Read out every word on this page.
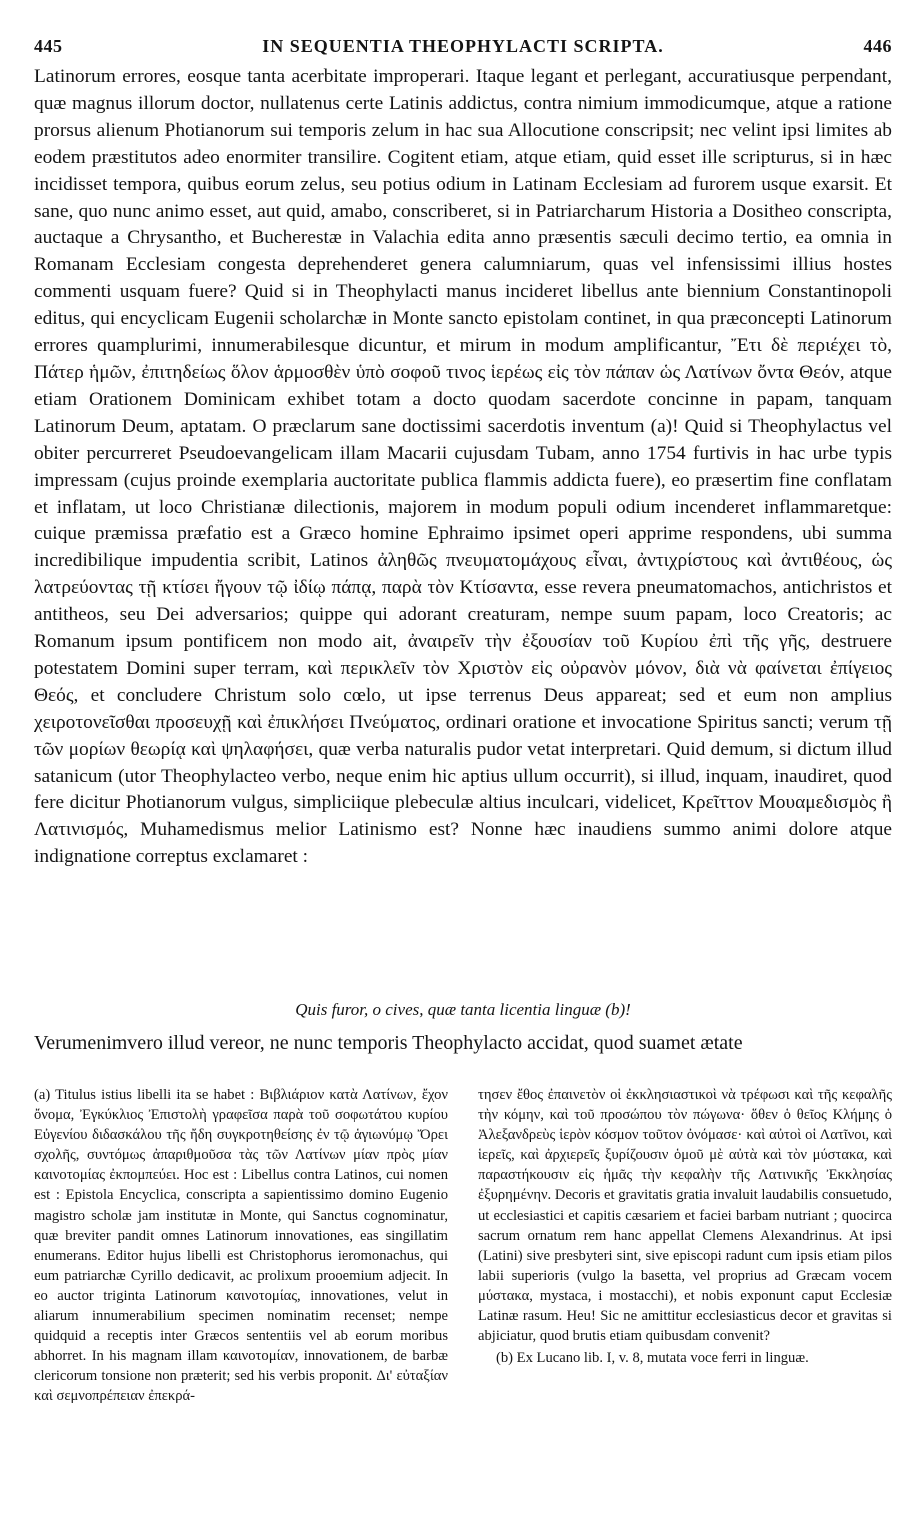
445	IN SEQUENTIA THEOPHYLACTI SCRIPTA.	446

Latinorum errores, eosque tanta acerbitate improperari. Itaque legant et perlegant, accuratiusque perpendant, quæ magnus illorum doctor, nullatenus certe Latinis addictus, contra nimium immodicumque, atque a ratione prorsus alienum Photianorum sui temporis zelum in hac sua Allocutione conscripsit; nec velint ipsi limites ab eodem præstitutos adeo enormiter transilire. Cogitent etiam, atque etiam, quid esset ille scripturus, si in hæc incidisset tempora, quibus eorum zelus, seu potius odium in Latinam Ecclesiam ad furorem usque exarsit. Et sane, quo nunc animo esset, aut quid, amabo, conscriberet, si in Patriarcharum Historia a Dositheo conscripta, auctaque a Chrysantho, et Bucherestæ in Valachia edita anno præsentis sæculi decimo tertio, ea omnia in Romanam Ecclesiam congesta deprehenderet genera calumniarum, quas vel infensissimi illius hostes commenti usquam fuere? Quid si in Theophylacti manus incideret libellus ante biennium Constantinopoli editus, qui encyclicam Eugenii scholarchæ in Monte sancto epistolam continet, in qua præconcepti Latinorum errores quamplurimi, innumerabilesque dicuntur, et mirum in modum amplificantur, Ἔτι δὲ περιέχει τὸ, Πάτερ ἡμῶν, ἐπιτηδείως ὅλον ἁρμοσθὲν ὑπὸ σοφοῦ τινος ἱερέως εἰς τὸν πάπαν ὡς Λατίνων ὄντα Θεόν, atque etiam Orationem Dominicam exhibet totam a docto quodam sacerdote concinne in papam, tanquam Latinorum Deum, aptatam. O præclarum sane doctissimi sacerdotis inventum (a)! Quid si Theophylactus vel obiter percurreret Pseudoevangelicam illam Macarii cujusdam Tubam, anno 1754 furtivis in hac urbe typis impressam (cujus proinde exemplaria auctoritate publica flammis addicta fuere), eo præsertim fine conflatam et inflatam, ut loco Christianæ dilectionis, majorem in modum populi odium incenderet inflammaretque: cuique præmissa præfatio est a Græco homine Ephraimo ipsimet operi apprime respondens, ubi summa incredibilique impudentia scribit, Latinos ἀληθῶς πνευματομάχους εἶναι, ἀντιχρίστους καὶ ἀντιθέους, ὡς λατρεύοντας τῇ κτίσει ἤγουν τῷ ἰδίῳ πάπᾳ, παρὰ τὸν Κτίσαντα, esse revera pneumatomachos, antichristos et antitheos, seu Dei adversarios; quippe qui adorant creaturam, nempe suum papam, loco Creatoris; ac Romanum ipsum pontificem non modo ait, ἀναιρεῖν τὴν ἐξουσίαν τοῦ Κυρίου ἐπὶ τῆς γῆς, destruere potestatem Domini super terram, καὶ περικλεῖν τὸν Χριστὸν εἰς οὐρανὸν μόνον, διὰ νὰ φαίνεται ἐπίγειος Θεός, et concludere Christum solo cœlo, ut ipse terrenus Deus appareat; sed et eum non amplius χειροτονεῖσθαι προσευχῇ καὶ ἐπικλήσει Πνεύματος, ordinari oratione et invocatione Spiritus sancti; verum τῇ τῶν μορίων θεωρίᾳ καὶ ψηλαφήσει, quæ verba naturalis pudor vetat interpretari. Quid demum, si dictum illud satanicum (utor Theophylacteo verbo, neque enim hic aptius ullum occurrit), si illud, inquam, inaudiret, quod fere dicitur Photianorum vulgus, simpliciique plebeculæ altius inculcari, videlicet, Κρεῖττον Μουαμεδισμὸς ἢ Λατινισμός, Muhamedismus melior Latinismo est? Nonne hæc inaudiens summo animi dolore atque indignatione correptus exclamaret :

Quis furor, o cives, quæ tanta licentia linguæ (b)!
Verumenimvero illud vereor, ne nunc temporis Theophylacto accidat, quod suamet ætate

(a) Titulus istius libelli ita se habet : Βιβλιάριον κατὰ Λατίνων, ἔχον ὄνομα, Ἐγκύκλιος Ἐπιστολὴ γραφεῖσα παρὰ τοῦ σοφωτάτου κυρίου Εὐγενίου διδασκάλου τῆς ἤδη συγκροτηθείσης ἐν τῷ ἁγιωνύμῳ Ὄρει σχολῆς, συντόμως ἀπαριθμοῦσα τὰς τῶν Λατίνων μίαν πρὸς μίαν καινοτομίας ἐκπομπεύει. Hoc est : Libellus contra Latinos, cui nomen est : Epistola Encyclica, conscripta a sapientissimo domino Eugenio magistro scholæ jam institutæ in Monte, qui Sanctus cognominatur, quæ breviter pandit omnes Latinorum innovationes, eas singillatim enumerans. Editor hujus libelli est Christophorus ieromonachus, qui eum patriarchæ Cyrillo dedicavit, ac prolixum prooemium adjecit. In eo auctor triginta Latinorum καινοτομίας, innovationes, velut in aliarum innumerabilium specimen nominatim recenset; nempe quidquid a receptis inter Græcos sententiis vel ab eorum moribus abhorret. In his magnam illam καινοτομίαν, innovationem, de barbæ clericorum tonsione non præterit; sed his verbis proponit. Δι' εὐταξίαν καὶ σεμνοπρέπειαν ἐπεκρά-

τησεν ἔθος ἐπαινετὸν οἱ ἐκκλησιαστικοὶ νὰ τρέφωσι καὶ τῆς κεφαλῆς τὴν κόμην, καὶ τοῦ προσώπου τὸν πώγωνα· ὅθεν ὁ θεῖος Κλήμης ὁ Ἀλεξανδρεὺς ἱερὸν κόσμον τοῦτον ὀνόμασε· καὶ αὐτοὶ οἱ Λατῖνοι, καὶ ἱερεῖς, καὶ ἀρχιερεῖς ξυρίζουσιν ὁμοῦ μὲ αὐτὰ καὶ τὸν μύστακα, καὶ παραστήκουσιν εἰς ἡμᾶς τὴν κεφαλὴν τῆς Λατινικῆς Ἐκκλησίας ἐξυρημένην. Decoris et gravitatis gratia invaluit laudabilis consuetudo, ut ecclesiastici et capitis cæsariem et faciei barbam nutriant ; quocirca sacrum ornatum rem hanc appellat Clemens Alexandrinus. At ipsi (Latini) sive presbyteri sint, sive episcopi radunt cum ipsis etiam pilos labii superioris (vulgo la basetta, vel proprius ad Græcam vocem μύστακα, mystaca, i mostacchi), et nobis exponunt caput Ecclesiæ Latinæ rasum. Heu! Sic ne amittitur ecclesiasticus decor et gravitas si abjiciatur, quod brutis etiam quibusdam convenit?

(b) Ex Lucano lib. I, v. 8, mutata voce ferri in linguæ.
